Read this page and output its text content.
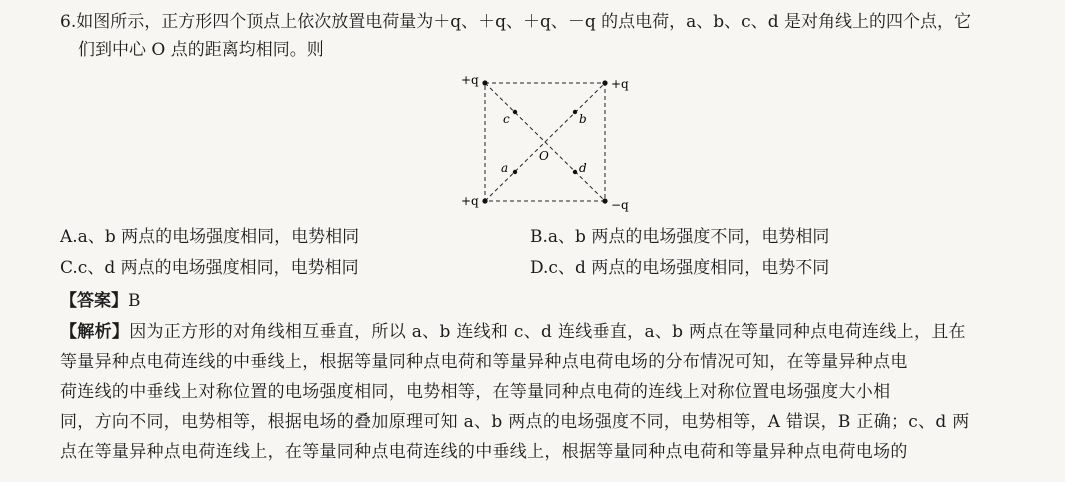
6.如图所示，正方形四个顶点上依次放置电荷量为＋q、＋q、＋q、－q 的点电荷，a、b、c、d 是对角线上的四个点，它
们到中心 O 点的距离均相同。则
+q	+q
+q	−q
c	b
a	d
O
A.a、b 两点的电场强度相同，电势相同	B.a、b 两点的电场强度不同，电势相同
C.c、d 两点的电场强度相同，电势相同	D.c、d 两点的电场强度相同，电势不同
【答案】B
【解析】因为正方形的对角线相互垂直，所以 a、b 连线和 c、d 连线垂直，a、b 两点在等量同种点电荷连线上，且在
等量异种点电荷连线的中垂线上，根据等量同种点电荷和等量异种点电荷电场的分布情况可知，在等量异种点电
荷连线的中垂线上对称位置的电场强度相同，电势相等，在等量同种点电荷的连线上对称位置电场强度大小相
同，方向不同，电势相等，根据电场的叠加原理可知 a、b 两点的电场强度不同，电势相等，A 错误，B 正确；c、d 两
点在等量异种点电荷连线上，在等量同种点电荷连线的中垂线上，根据等量同种点电荷和等量异种点电荷电场的
